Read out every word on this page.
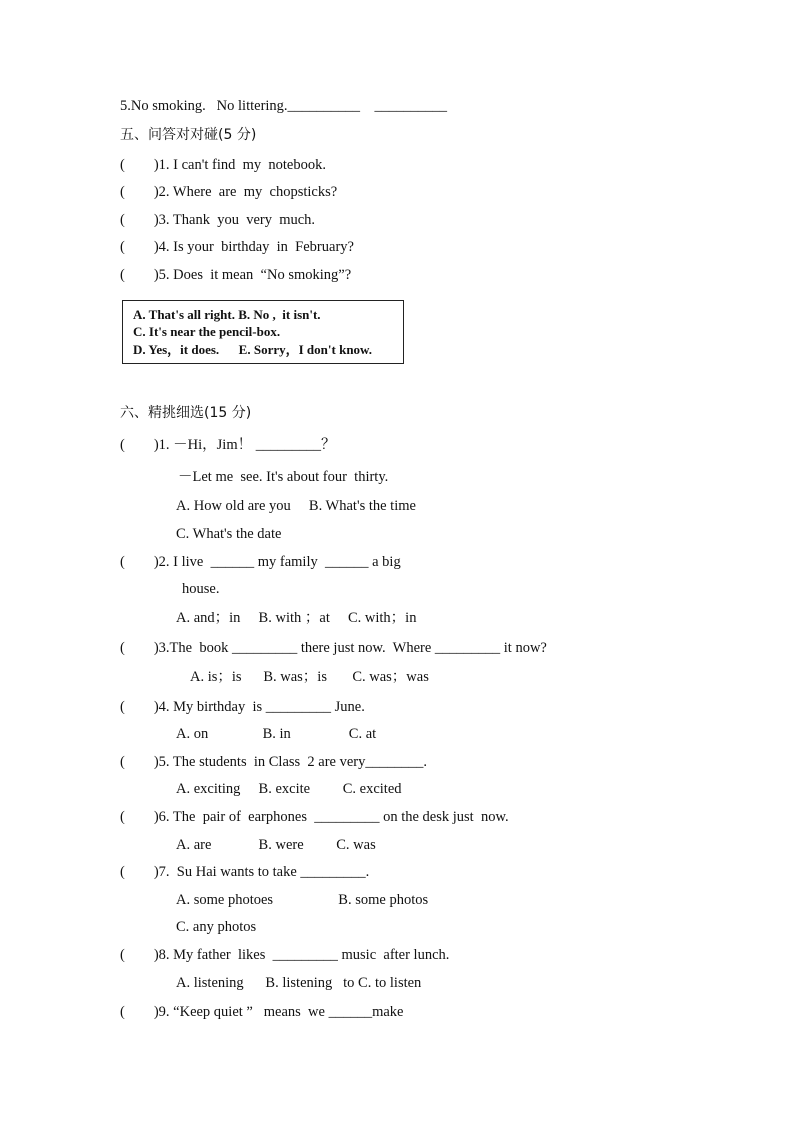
5.No smoking.   No littering.__________    __________
五、问答对对碰(5 分)
(        )1. I can't find  my  notebook.
(        )2. Where  are  my  chopsticks?
(        )3. Thank  you  very  much.
(        )4. Is your  birthday  in  February?
(        )5. Does  it mean  “No smoking”?
A. That's all right. B. No ,  it isn't.
C. It's near the pencil-box.
D. Yes，it does.      E. Sorry，I don't know.
六、精挑细选(15 分)
(        )1. －Hi，Jim！ _________？
－Let me  see. It's about four  thirty.
A. How old are you     B. What's the time
C. What's the date
(        )2. I live  ______ my family  ______ a big
house.
A. and；in     B. with ；at     C. with；in
(        )3.The  book _________ there just now.  Where _________ it now?
A. is；is      B. was；is       C. was；was
(        )4. My birthday  is _________ June.
A. on               B. in                C. at
(        )5. The students  in Class  2 are very________.
A. exciting     B. excite         C. excited
(        )6. The  pair of  earphones  _________ on the desk just  now.
A. are             B. were         C. was
(        )7.  Su Hai wants to take _________.
A. some photoes                  B. some photos
C. any photos
(        )8. My father  likes  _________ music  after lunch.
A. listening      B. listening   to C. to listen
(        )9. “Keep quiet ”   means  we ______make
